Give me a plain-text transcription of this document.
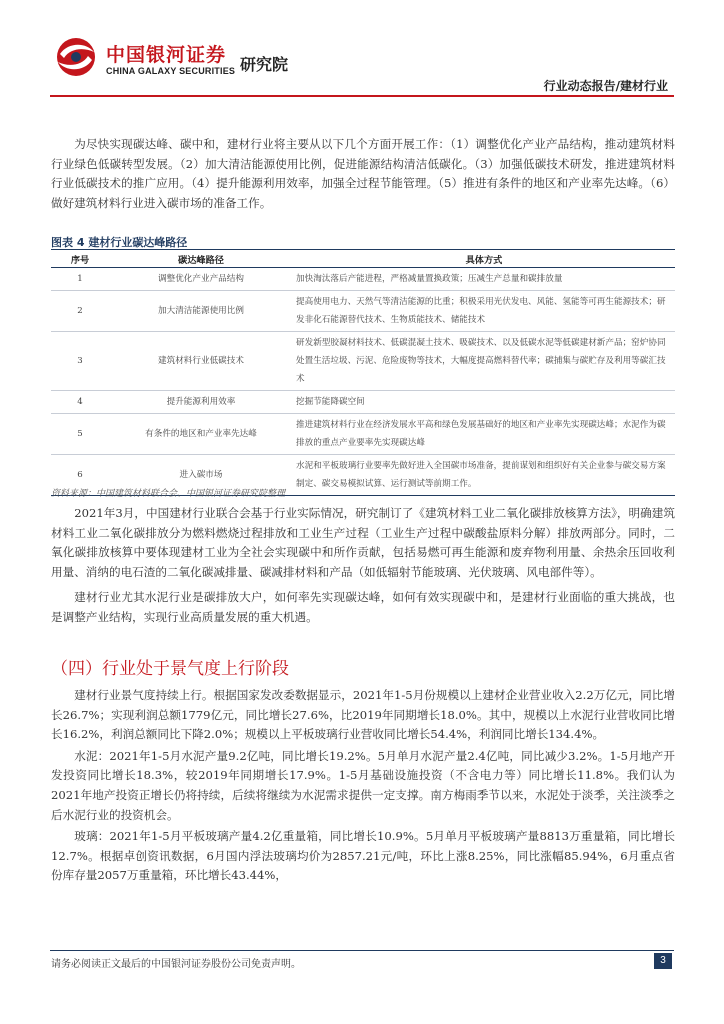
中国银河证券
CHINA GALAXY SECURITIES 研究院
行业动态报告/建材行业

为尽快实现碳达峰、碳中和，建材行业将主要从以下几个方面开展工作：（1）调整优化产业产品结构，推动建筑材料行业绿色低碳转型发展。（2）加大清洁能源使用比例，促进能源结构清洁低碳化。（3）加强低碳技术研发，推进建筑材料行业低碳技术的推广应用。（4）提升能源利用效率，加强全过程节能管理。（5）推进有条件的地区和产业率先达峰。（6）做好建筑材料行业进入碳市场的准备工作。

图表 4 建材行业碳达峰路径
序号	碳达峰路径	具体方式
1	调整优化产业产品结构	加快淘汰落后产能进程，严格减量置换政策；压减生产总量和碳排放量
2	加大清洁能源使用比例	提高使用电力、天然气等清洁能源的比重；积极采用光伏发电、风能、氢能等可再生能源技术；研发非化石能源替代技术、生物质能技术、储能技术
3	建筑材料行业低碳技术	研发新型胶凝材料技术、低碳混凝土技术、吸碳技术、以及低碳水泥等低碳建材新产品；窑炉协同处置生活垃圾、污泥、危险废物等技术，大幅度提高燃料替代率；碳捕集与碳贮存及利用等碳汇技术
4	提升能源利用效率	挖掘节能降碳空间
5	有条件的地区和产业率先达峰	推进建筑材料行业在经济发展水平高和绿色发展基础好的地区和产业率先实现碳达峰；水泥作为碳排放的重点产业要率先实现碳达峰
6	进入碳市场	水泥和平板玻璃行业要率先做好进入全国碳市场准备，提前谋划和组织好有关企业参与碳交易方案制定、碳交易模拟试算、运行测试等前期工作。
资料来源：中国建筑材料联合会、中国银河证券研究院整理

2021年3月，中国建材行业联合会基于行业实际情况，研究制订了《建筑材料工业二氧化碳排放核算方法》，明确建筑材料工业二氧化碳排放分为燃料燃烧过程排放和工业生产过程（工业生产过程中碳酸盐原料分解）排放两部分。同时，二氧化碳排放核算中要体现建材工业为全社会实现碳中和所作贡献，包括易燃可再生能源和废弃物利用量、余热余压回收利用量、消纳的电石渣的二氧化碳减排量、碳减排材料和产品（如低辐射节能玻璃、光伏玻璃、风电部件等）。

建材行业尤其水泥行业是碳排放大户，如何率先实现碳达峰，如何有效实现碳中和，是建材行业面临的重大挑战，也是调整产业结构，实现行业高质量发展的重大机遇。

（四）行业处于景气度上行阶段

建材行业景气度持续上行。根据国家发改委数据显示，2021年1-5月份规模以上建材企业营业收入2.2万亿元，同比增长26.7%；实现利润总额1779亿元，同比增长27.6%，比2019年同期增长18.0%。其中，规模以上水泥行业营收同比增长16.2%，利润总额同比下降2.0%；规模以上平板玻璃行业营收同比增长54.4%，利润同比增长134.4%。

水泥：2021年1-5月水泥产量9.2亿吨，同比增长19.2%。5月单月水泥产量2.4亿吨，同比减少3.2%。1-5月地产开发投资同比增长18.3%，较2019年同期增长17.9%。1-5月基础设施投资（不含电力等）同比增长11.8%。我们认为2021年地产投资正增长仍将持续，后续将继续为水泥需求提供一定支撑。南方梅雨季节以来，水泥处于淡季，关注淡季之后水泥行业的投资机会。

玻璃：2021年1-5月平板玻璃产量4.2亿重量箱，同比增长10.9%。5月单月平板玻璃产量8813万重量箱，同比增长12.7%。根据卓创资讯数据，6月国内浮法玻璃均价为2857.21元/吨，环比上涨8.25%，同比涨幅85.94%，6月重点省份库存量2057万重量箱，环比增长43.44%，

请务必阅读正文最后的中国银河证券股份公司免责声明。	3
